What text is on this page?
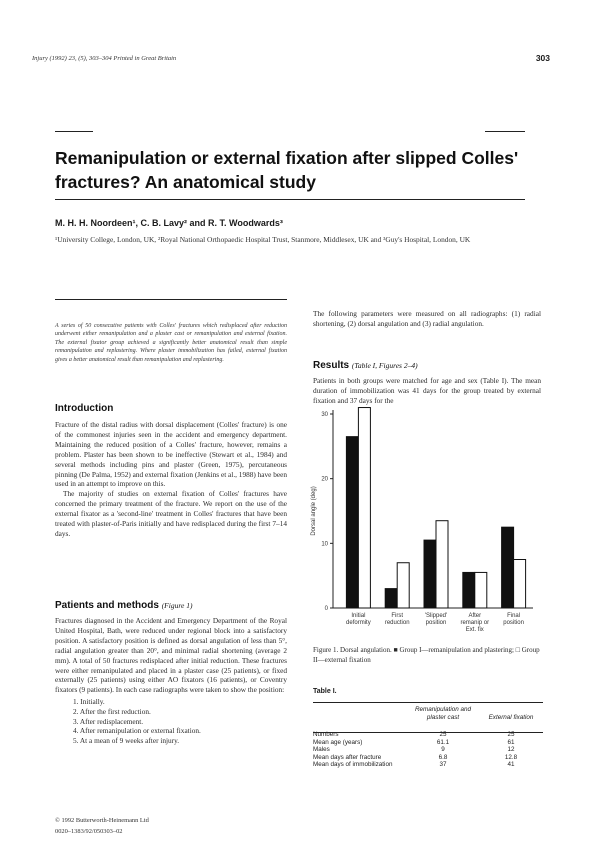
Injury (1992) 23, (5), 303–304 Printed in Great Britain	303
Remanipulation or external fixation after slipped Colles' fractures? An anatomical study
M. H. H. Noordeen¹, C. B. Lavy² and R. T. Woodwards³
¹University College, London, UK, ²Royal National Orthopaedic Hospital Trust, Stanmore, Middlesex, UK and ³Guy's Hospital, London, UK
A series of 50 consecutive patients with Colles' fractures which redisplaced after reduction underwent either remanipulation and a plaster cast or remanipulation and external fixation. The external fixator group achieved a significantly better anatomical result than simple remanipulation and replastering. Where plaster immobilization has failed, external fixation gives a better anatomical result than remanipulation and replastering.
Introduction

Fracture of the distal radius with dorsal displacement (Colles' fracture) is one of the commonest injuries seen in the accident and emergency department. Maintaining the reduced position of a Colles' fracture, however, remains a problem. Plaster has been shown to be ineffective (Stewart et al., 1984) and several methods including pins and plaster (Green, 1975), percutaneous pinning (De Palma, 1952) and external fixation (Jenkins et al., 1988) have been used in an attempt to improve on this.

The majority of studies on external fixation of Colles' fractures have concerned the primary treatment of the fracture. We report on the use of the external fixator as a 'second-line' treatment in Colles' fractures that have been treated with plaster-of-Paris initially and have redisplaced during the first 7–14 days.

Patients and methods (Figure 1)
Fractures diagnosed in the Accident and Emergency Department of the Royal United Hospital, Bath, were reduced under regional block into a satisfactory position. A satisfactory position is defined as dorsal angulation of less than 5°, radial angulation greater than 20°, and minimal radial shortening (average 2 mm). A total of 50 fractures redisplaced after initial reduction. These fractures were either remanipulated and placed in a plaster case (25 patients), or fixed externally (25 patients) using either AO fixators (16 patients), or Coventry fixators (9 patients). In each case radiographs were taken to show the position:
1. Initially.
2. After the first reduction.
3. After redisplacement.
4. After remanipulation or external fixation.
5. At a mean of 9 weeks after injury.
© 1992 Butterworth-Heinemann Ltd
0020–1383/92/050303–02
The following parameters were measured on all radiographs: (1) radial shortening, (2) dorsal angulation and (3) radial angulation.
Results (Table I, Figures 2–4)
Patients in both groups were matched for age and sex (Table I). The mean duration of immobilization was 41 days for the group treated by external fixation and 37 days for the
30
20
10
0
Dorsal angle (deg)
Initial deformity
First reduction
'Slipped' position
After remanip or Ext. fix
Final position
Figure 1. Dorsal angulation. ■ Group I—remanipulation and plastering; □ Group II—external fixation
Table I.
	Remanipulation and plaster cast	External fixation
Numbers	25	25
Mean age (years)	61.1	61
Males	9	12
Mean days after fracture	6.8	12.8
Mean days of immobilization	37	41
